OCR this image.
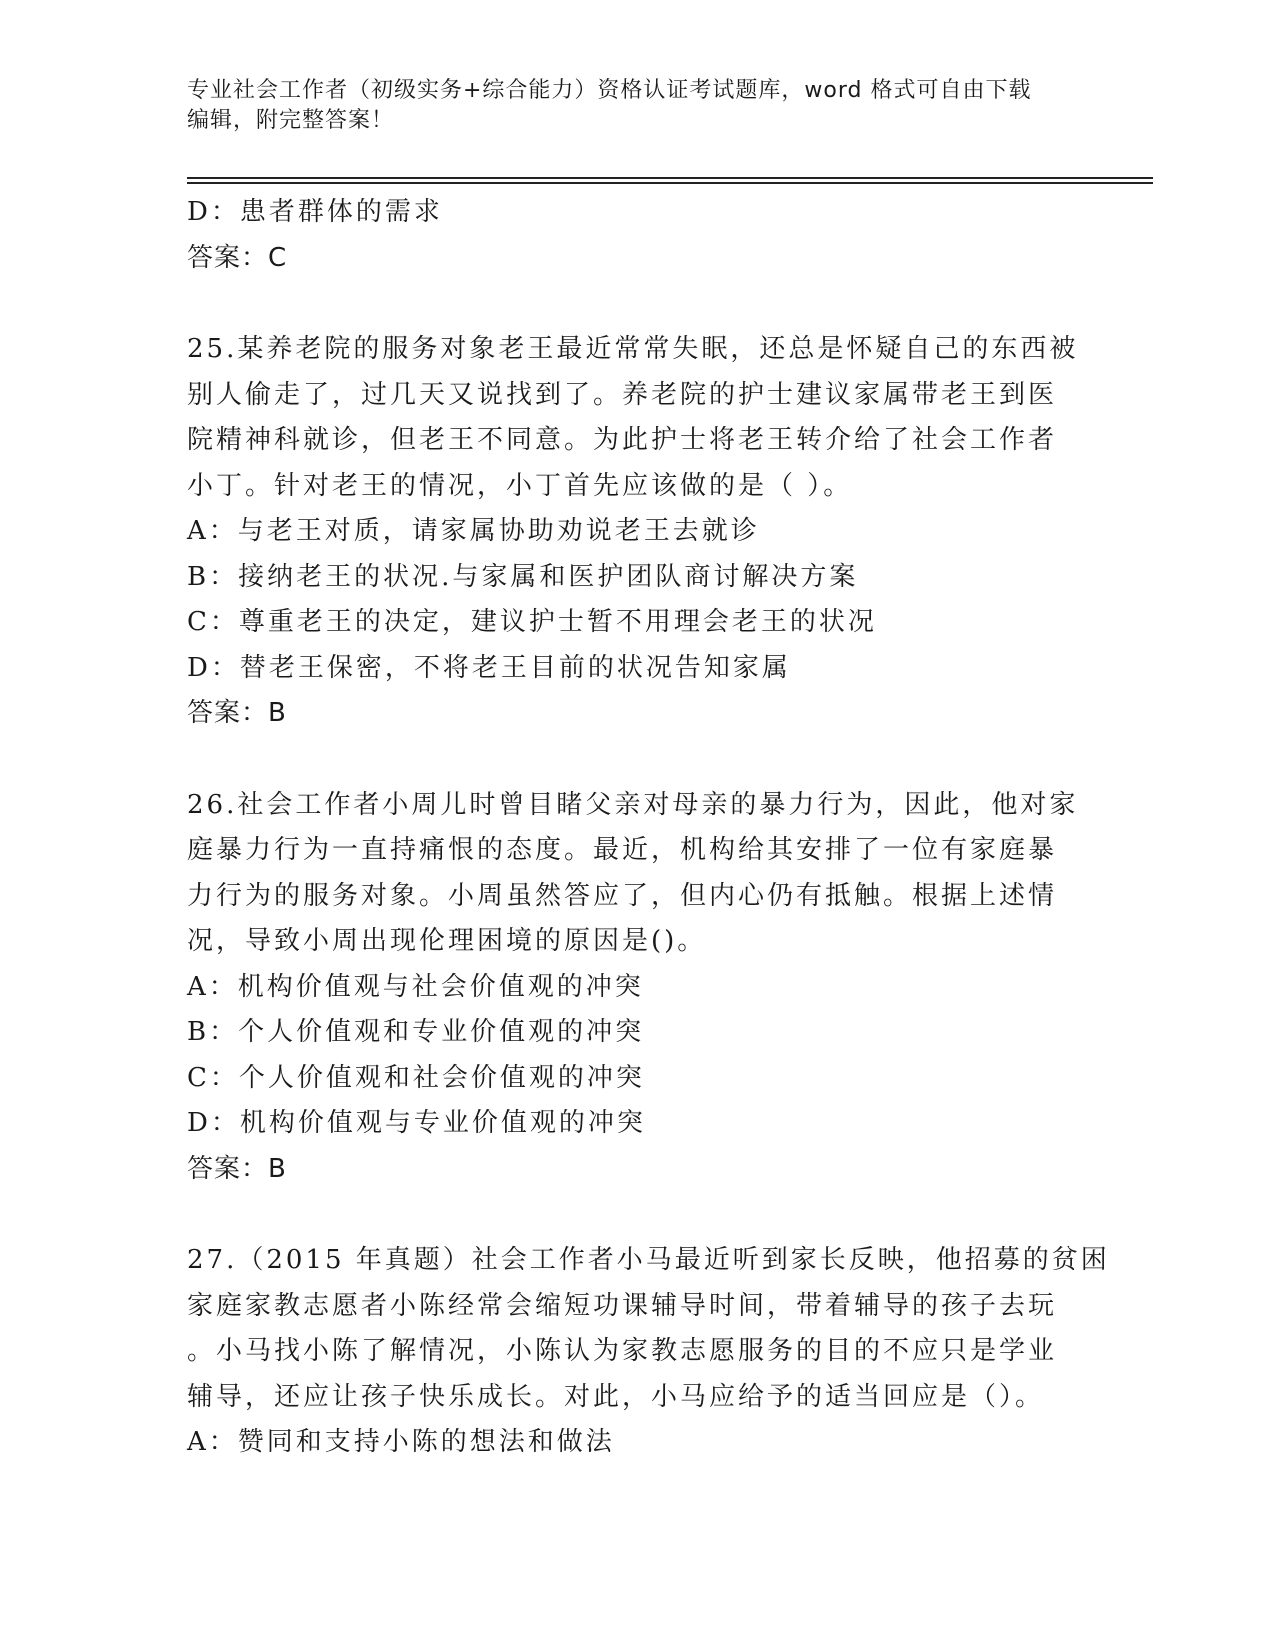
专业社会工作者（初级实务+综合能力）资格认证考试题库，word 格式可自由下载
编辑，附完整答案！
D：患者群体的需求
答案：C
25.某养老院的服务对象老王最近常常失眠，还总是怀疑自己的东西被
别人偷走了，过几天又说找到了。养老院的护士建议家属带老王到医
院精神科就诊，但老王不同意。为此护士将老王转介给了社会工作者
小丁。针对老王的情况，小丁首先应该做的是（ ）。
A：与老王对质，请家属协助劝说老王去就诊
B：接纳老王的状况.与家属和医护团队商讨解决方案
C：尊重老王的决定，建议护士暂不用理会老王的状况
D：替老王保密，不将老王目前的状况告知家属
答案：B
26.社会工作者小周儿时曾目睹父亲对母亲的暴力行为，因此，他对家
庭暴力行为一直持痛恨的态度。最近，机构给其安排了一位有家庭暴
力行为的服务对象。小周虽然答应了，但内心仍有抵触。根据上述情
况，导致小周出现伦理困境的原因是()。
A：机构价值观与社会价值观的冲突
B：个人价值观和专业价值观的冲突
C：个人价值观和社会价值观的冲突
D：机构价值观与专业价值观的冲突
答案：B
27.（2015 年真题）社会工作者小马最近听到家长反映，他招募的贫困
家庭家教志愿者小陈经常会缩短功课辅导时间，带着辅导的孩子去玩
。小马找小陈了解情况，小陈认为家教志愿服务的目的不应只是学业
辅导，还应让孩子快乐成长。对此，小马应给予的适当回应是（）。
A：赞同和支持小陈的想法和做法
